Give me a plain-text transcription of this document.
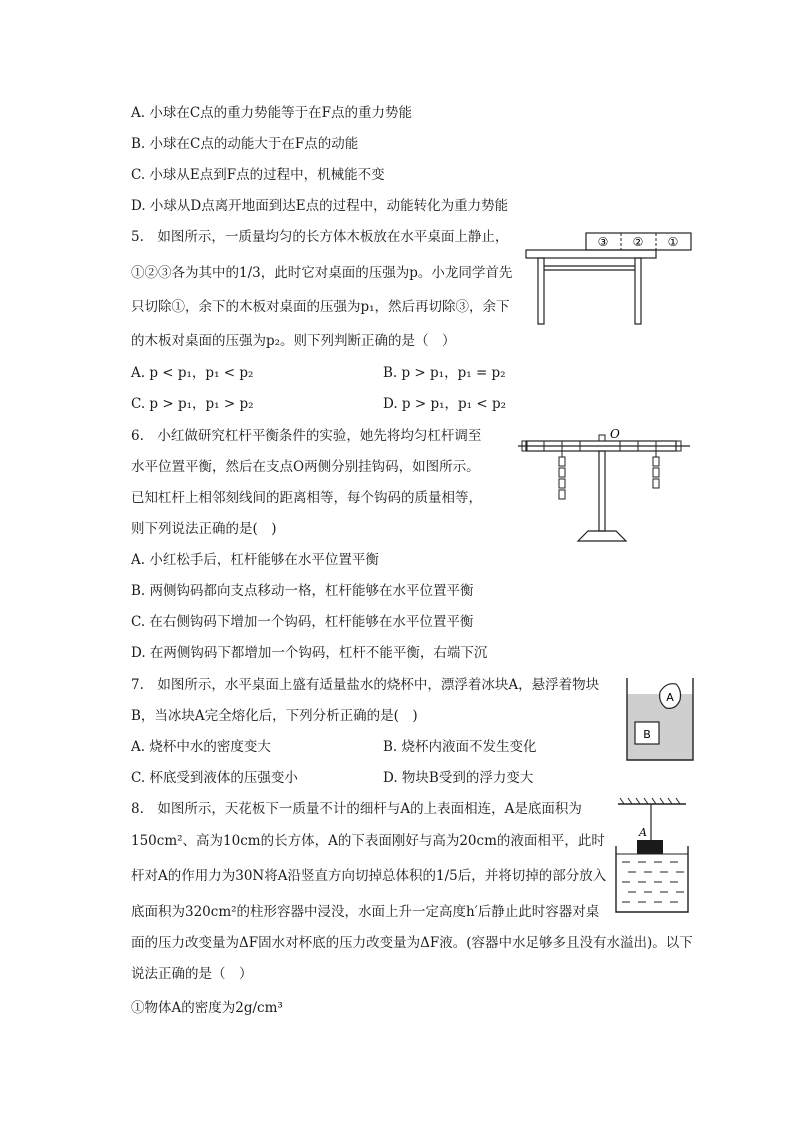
A. 小球在C点的重力势能等于在F点的重力势能
B. 小球在C点的动能大于在F点的动能
C. 小球从E点到F点的过程中，机械能不变
D. 小球从D点离开地面到达E点的过程中，动能转化为重力势能
5.　如图所示，一质量均匀的长方体木板放在水平桌面上静止，
①②③各为其中的1/3，此时它对桌面的压强为p。小龙同学首先
只切除①，余下的木板对桌面的压强为p₁，然后再切除③，余下
的木板对桌面的压强为p₂。则下列判断正确的是（　）
A. p < p₁，p₁ < p₂	B. p > p₁，p₁ = p₂
C. p > p₁，p₁ > p₂	D. p > p₁，p₁ < p₂
③ ② ①
6.　小红做研究杠杆平衡条件的实验，她先将均匀杠杆调至
水平位置平衡，然后在支点O两侧分别挂钩码，如图所示。
已知杠杆上相邻刻线间的距离相等，每个钩码的质量相等，
则下列说法正确的是(　)
A. 小红松手后，杠杆能够在水平位置平衡
B. 两侧钩码都向支点移动一格，杠杆能够在水平位置平衡
C. 在右侧钩码下增加一个钩码，杠杆能够在水平位置平衡
D. 在两侧钩码下都增加一个钩码，杠杆不能平衡，右端下沉
O
7.　如图所示，水平桌面上盛有适量盐水的烧杯中，漂浮着冰块A，悬浮着物块
B，当冰块A完全熔化后，下列分析正确的是(　)
A. 烧杯中水的密度变大	B. 烧杯内液面不发生变化
C. 杯底受到液体的压强变小	D. 物块B受到的浮力变大
A
B
8.　如图所示，天花板下一质量不计的细杆与A的上表面相连，A是底面积为
150cm²、高为10cm的长方体，A的下表面刚好与高为20cm的液面相平，此时
杆对A的作用力为30N将A沿竖直方向切掉总体积的1/5后，并将切掉的部分放入
底面积为320cm²的柱形容器中浸没，水面上升一定高度h′后静止此时容器对桌
面的压力改变量为ΔF固水对杯底的压力改变量为ΔF液。(容器中水足够多且没有水溢出)。以下
说法正确的是（　）
①物体A的密度为2g/cm³
A
